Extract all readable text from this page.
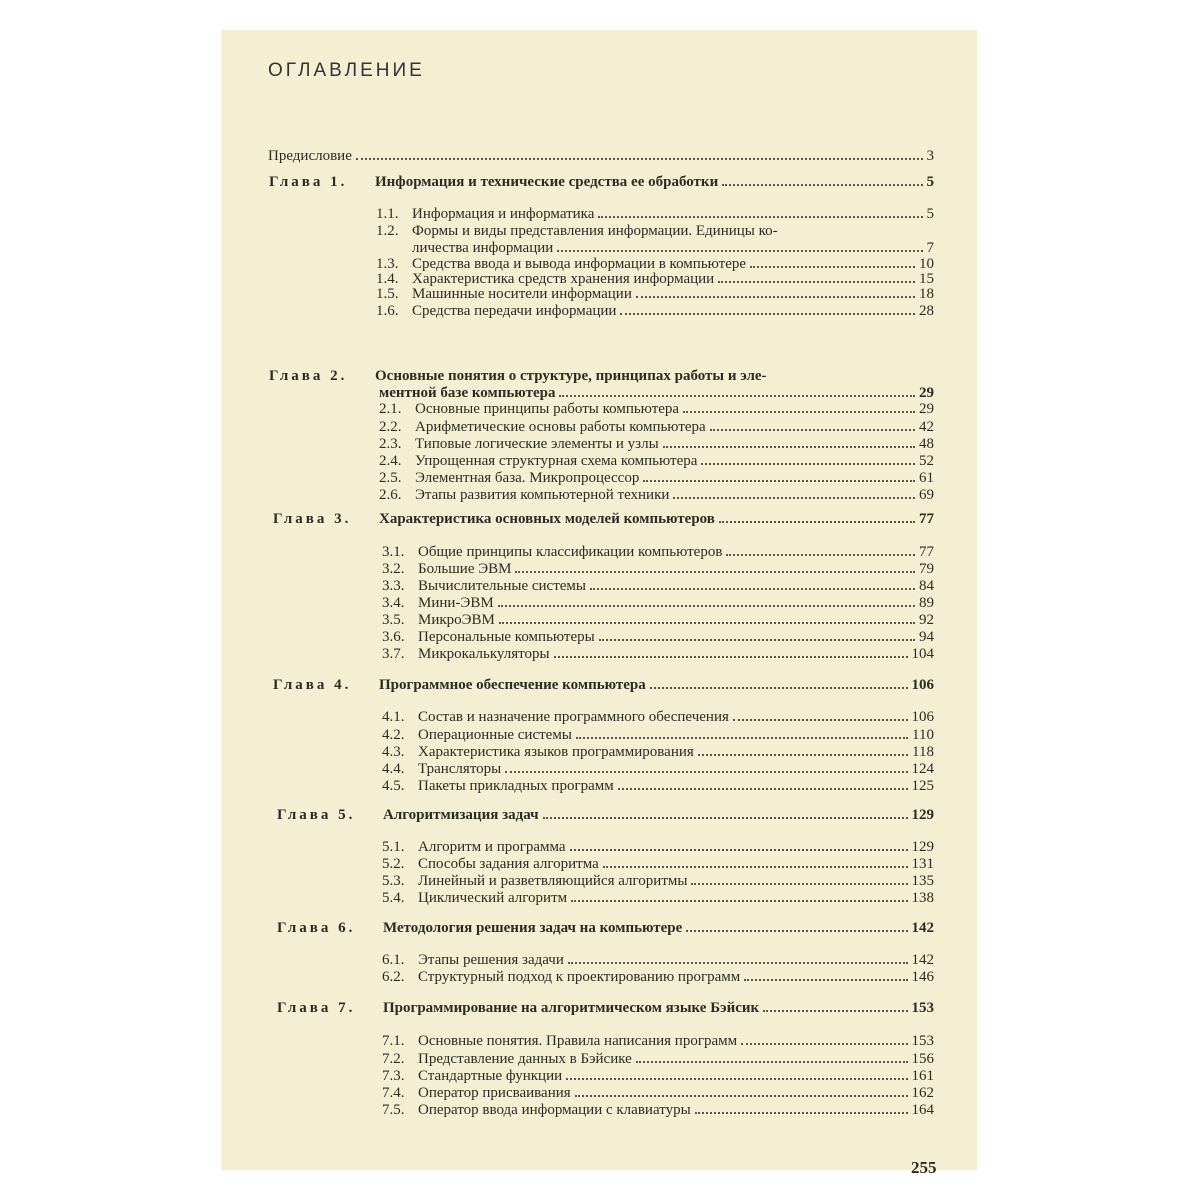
ОГЛАВЛЕНИЕ
Предисловие	3
Глава 1.	Информация и технические средства ее обработки	5
1.1. Информация и информатика	5
1.2. Формы и виды представления информации. Единицы ко-
личества информации	7
1.3. Средства ввода и вывода информации в компьютере	10
1.4. Характеристика средств хранения информации	15
1.5. Машинные носители информации	18
1.6. Средства передачи информации	28
Глава 2.	Основные понятия о структуре, принципах работы и эле-
ментной базе компьютера	29
2.1. Основные принципы работы компьютера	29
2.2. Арифметические основы работы компьютера	42
2.3. Типовые логические элементы и узлы	48
2.4. Упрощенная структурная схема компьютера	52
2.5. Элементная база. Микропроцессор	61
2.6. Этапы развития компьютерной техники	69
Глава 3.	Характеристика основных моделей компьютеров	77
3.1. Общие принципы классификации компьютеров	77
3.2. Большие ЭВМ	79
3.3. Вычислительные системы	84
3.4. Мини-ЭВМ	89
3.5. МикроЭВМ	92
3.6. Персональные компьютеры	94
3.7. Микрокалькуляторы	104
Глава 4.	Программное обеспечение компьютера	106
4.1. Состав и назначение программного обеспечения	106
4.2. Операционные системы	110
4.3. Характеристика языков программирования	118
4.4. Трансляторы	124
4.5. Пакеты прикладных программ	125
Глава 5.	Алгоритмизация задач	129
5.1. Алгоритм и программа	129
5.2. Способы задания алгоритма	131
5.3. Линейный и разветвляющийся алгоритмы	135
5.4. Циклический алгоритм	138
Глава 6.	Методология решения задач на компьютере	142
6.1. Этапы решения задачи	142
6.2. Структурный подход к проектированию программ	146
Глава 7.	Программирование на алгоритмическом языке Бэйсик	153
7.1. Основные понятия. Правила написания программ	153
7.2. Представление данных в Бэйсике	156
7.3. Стандартные функции	161
7.4. Оператор присваивания	162
7.5. Оператор ввода информации с клавиатуры	164
255
